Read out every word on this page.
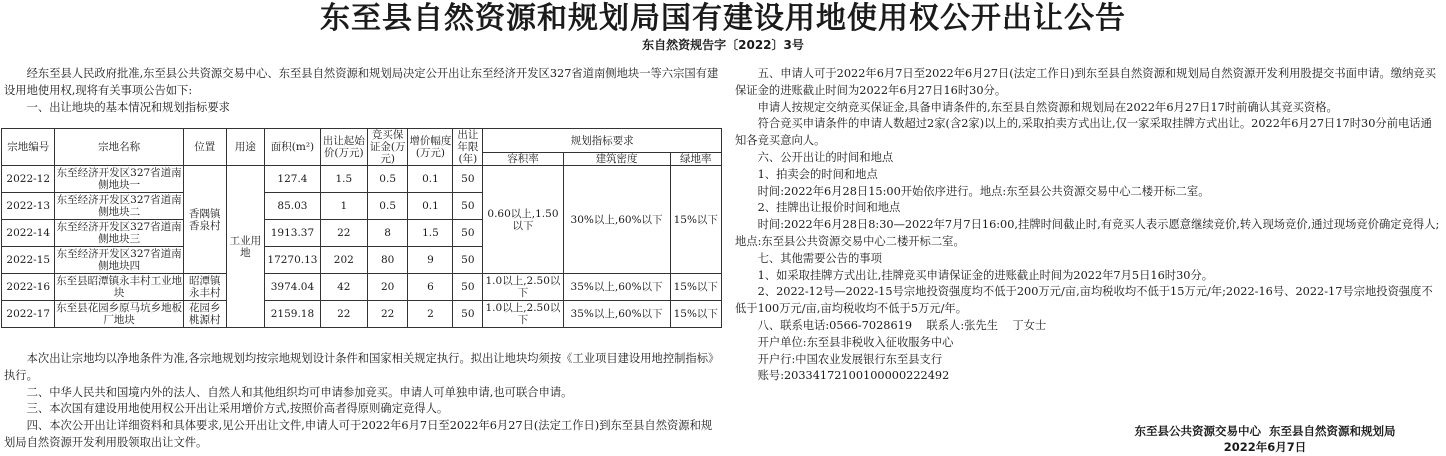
东至县自然资源和规划局国有建设用地使用权公开出让公告
东自然资规告字〔2022〕3号

经东至县人民政府批准,东至县公共资源交易中心、东至县自然资源和规划局决定公开出让东至经济开发区327省道南侧地块一等六宗国有建设用地使用权,现将有关事项公告如下:

一、出让地块的基本情况和规划指标要求

宗地编号	宗地名称	位置	用途	面积(m²)	出让起始价(万元)	竞买保证金(万元)	增价幅度(万元)	出让年限(年)	规划指标要求		
									容积率	建筑密度	绿地率
2022-12	东至经济开发区327省道南侧地块一	香隅镇香泉村	工业用地	127.4	1.5	0.5	0.1	50	0.60以上,1.50以下	30%以上,60%以下	15%以下
2022-13	东至经济开发区327省道南侧地块二			85.03	1	0.5	0.1	50			
2022-14	东至经济开发区327省道南侧地块三			1913.37	22	8	1.5	50			
2022-15	东至经济开发区327省道南侧地块四			17270.13	202	80	9	50			
2022-16	东至县昭潭镇永丰村工业地块	昭潭镇永丰村		3974.04	42	20	6	50	1.0以上,2.50以下	35%以上,60%以下	15%以下
2022-17	东至县花园乡原马坑乡地板厂地块	花园乡桃源村		2159.18	22	22	2	50	1.0以上,2.50以下	35%以上,60%以下	15%以下

本次出让宗地均以净地条件为准,各宗地规划均按宗地规划设计条件和国家相关规定执行。拟出让地块均须按《工业项目建设用地控制指标》执行。

二、中华人民共和国境内外的法人、自然人和其他组织均可申请参加竞买。申请人可单独申请,也可联合申请。

三、本次国有建设用地使用权公开出让采用增价方式,按照价高者得原则确定竞得人。

四、本次公开出让详细资料和具体要求,见公开出让文件,申请人可于2022年6月7日至2022年6月27日(法定工作日)到东至县自然资源和规划局自然资源开发利用股领取出让文件。

五、申请人可于2022年6月7日至2022年6月27日(法定工作日)到东至县自然资源和规划局自然资源开发利用股提交书面申请。缴纳竞买保证金的进账截止时间为2022年6月27日16时30分。

申请人按规定交纳竞买保证金,具备申请条件的,东至县自然资源和规划局在2022年6月27日17时前确认其竞买资格。

符合竞买申请条件的申请人数超过2家(含2家)以上的,采取拍卖方式出让,仅一家采取挂牌方式出让。2022年6月27日17时30分前电话通知各竞买意向人。

六、公开出让的时间和地点

1、拍卖会的时间和地点

时间:2022年6月28日15:00开始依序进行。地点:东至县公共资源交易中心二楼开标二室。

2、挂牌出让报价时间和地点

时间:2022年6月28日8:30—2022年7月7日16:00,挂牌时间截止时,有竞买人表示愿意继续竞价,转入现场竞价,通过现场竞价确定竞得人;地点:东至县公共资源交易中心二楼开标二室。

七、其他需要公告的事项

1、如采取挂牌方式出让,挂牌竞买申请保证金的进账截止时间为2022年7月5日16时30分。

2、2022-12号—2022-15号宗地投资强度均不低于200万元/亩,亩均税收均不低于15万元/年;2022-16号、2022-17号宗地投资强度不低于100万元/亩,亩均税收均不低于5万元/年。

八、联系电话:0566-7028619    联系人:张先生    丁女士

开户单位:东至县非税收入征收服务中心

开户行:中国农业发展银行东至县支行

账号:20334172100100000222492

东至县公共资源交易中心  东至县自然资源和规划局
2022年6月7日
